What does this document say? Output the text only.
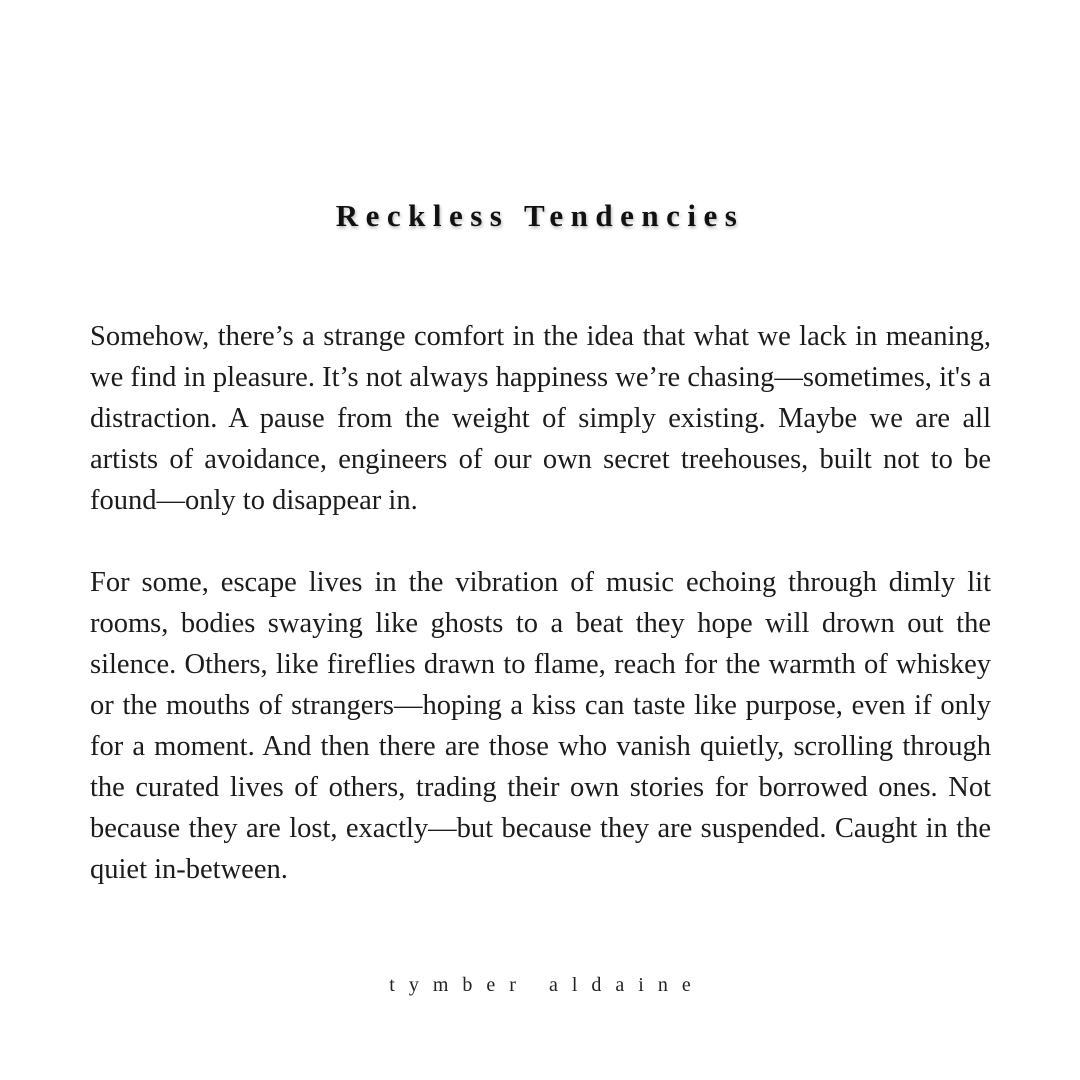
Reckless Tendencies

Somehow, there’s a strange comfort in the idea that what we lack in meaning, we find in pleasure. It’s not always happiness we’re chasing—sometimes, it's a distraction. A pause from the weight of simply existing. Maybe we are all artists of avoidance, engineers of our own secret treehouses, built not to be found—only to disappear in.

For some, escape lives in the vibration of music echoing through dimly lit rooms, bodies swaying like ghosts to a beat they hope will drown out the silence. Others, like fireflies drawn to flame, reach for the warmth of whiskey or the mouths of strangers—hoping a kiss can taste like purpose, even if only for a moment. And then there are those who vanish quietly, scrolling through the curated lives of others, trading their own stories for borrowed ones. Not because they are lost, exactly—but because they are suspended. Caught in the quiet in-between.

tymber aldaine
